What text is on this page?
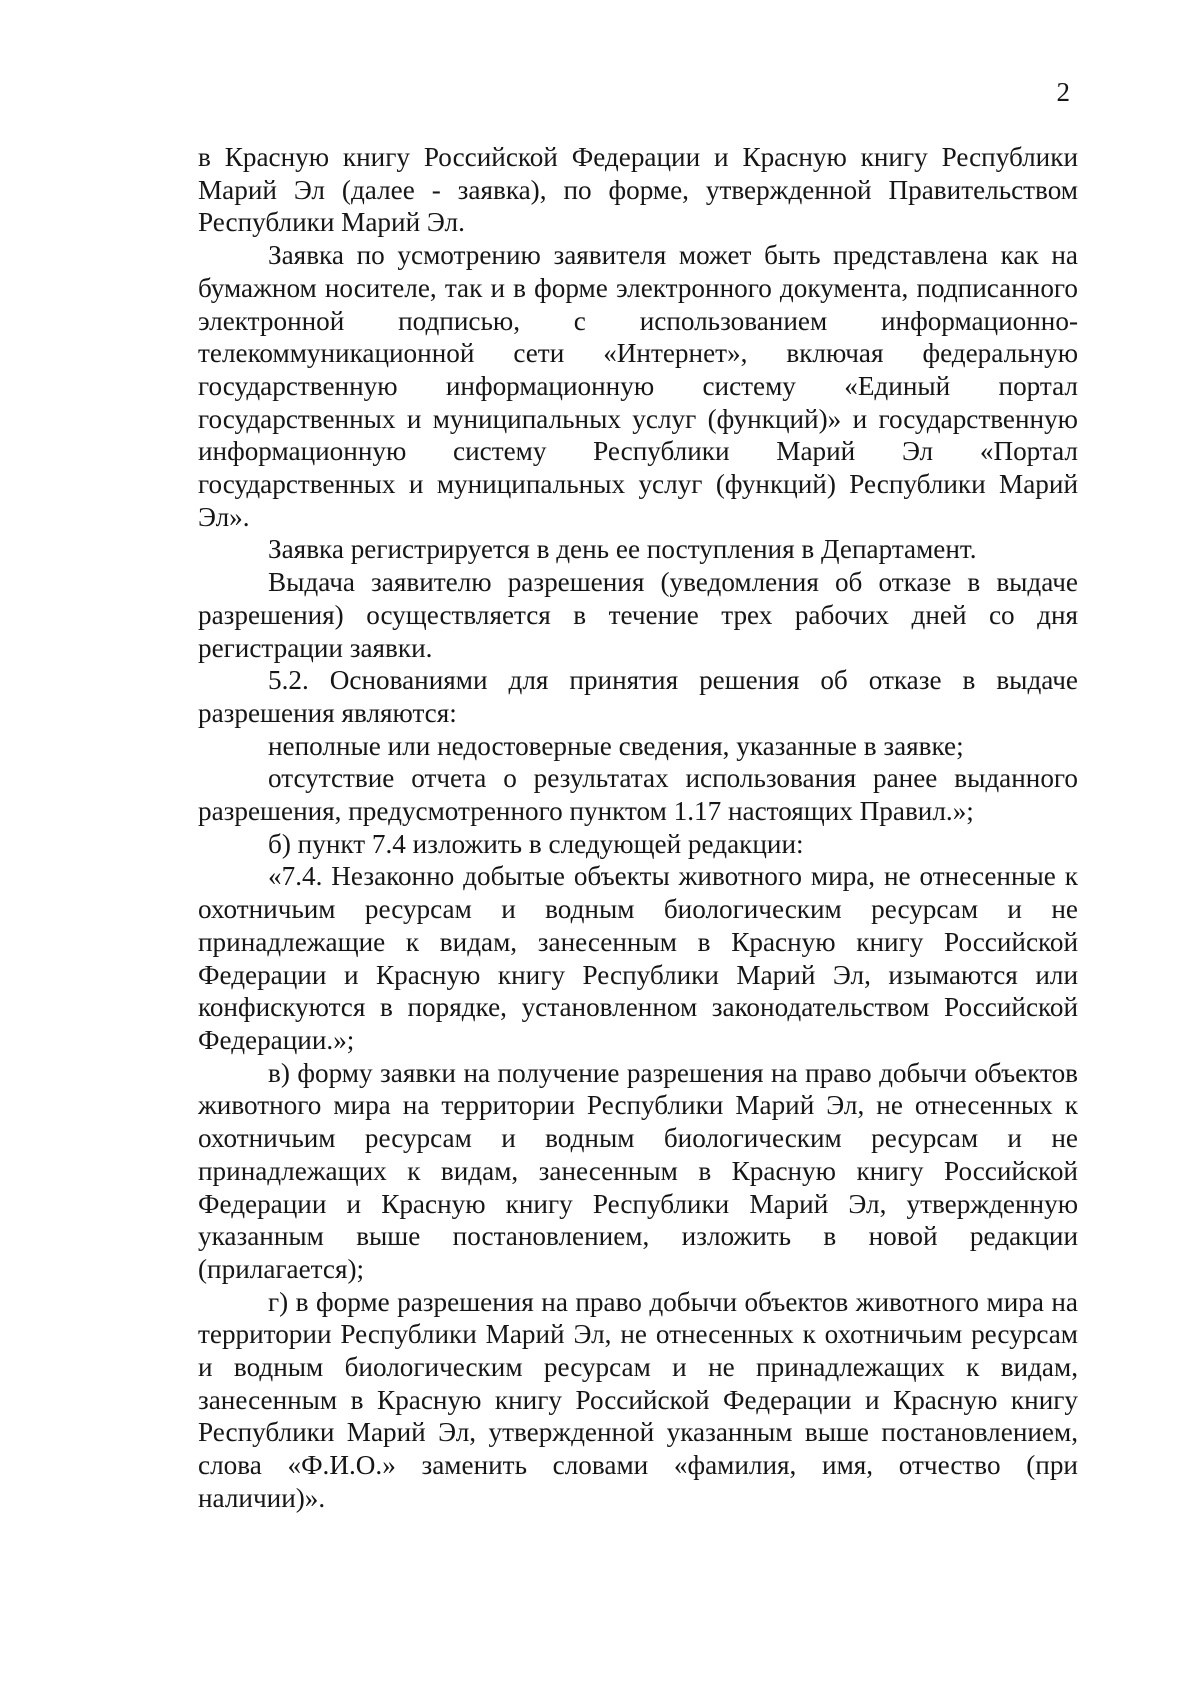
2

в Красную книгу Российской Федерации и Красную книгу Республики Марий Эл (далее - заявка), по форме, утвержденной Правительством Республики Марий Эл.

Заявка по усмотрению заявителя может быть представлена как на бумажном носителе, так и в форме электронного документа, подписанного электронной подписью, с использованием информационно-телекоммуникационной сети «Интернет», включая федеральную государственную информационную систему «Единый портал государственных и муниципальных услуг (функций)» и государственную информационную систему Республики Марий Эл «Портал государственных и муниципальных услуг (функций) Республики Марий Эл».

Заявка регистрируется в день ее поступления в Департамент.

Выдача заявителю разрешения (уведомления об отказе в выдаче разрешения) осуществляется в течение трех рабочих дней со дня регистрации заявки.

5.2. Основаниями для принятия решения об отказе в выдаче разрешения являются:

неполные или недостоверные сведения, указанные в заявке;

отсутствие отчета о результатах использования ранее выданного разрешения, предусмотренного пунктом 1.17 настоящих Правил.»;

б) пункт 7.4 изложить в следующей редакции:

«7.4. Незаконно добытые объекты животного мира, не отнесенные к охотничьим ресурсам и водным биологическим ресурсам и не принадлежащие к видам, занесенным в Красную книгу Российской Федерации и Красную книгу Республики Марий Эл, изымаются или конфискуются в порядке, установленном законодательством Российской Федерации.»;

в) форму заявки на получение разрешения на право добычи объектов животного мира на территории Республики Марий Эл, не отнесенных к охотничьим ресурсам и водным биологическим ресурсам и не принадлежащих к видам, занесенным в Красную книгу Российской Федерации и Красную книгу Республики Марий Эл, утвержденную указанным выше постановлением, изложить в новой редакции (прилагается);

г) в форме разрешения на право добычи объектов животного мира на территории Республики Марий Эл, не отнесенных к охотничьим ресурсам и водным биологическим ресурсам и не принадлежащих к видам, занесенным в Красную книгу Российской Федерации и Красную книгу Республики Марий Эл, утвержденной указанным выше постановлением, слова «Ф.И.О.» заменить словами «фамилия, имя, отчество (при наличии)».
